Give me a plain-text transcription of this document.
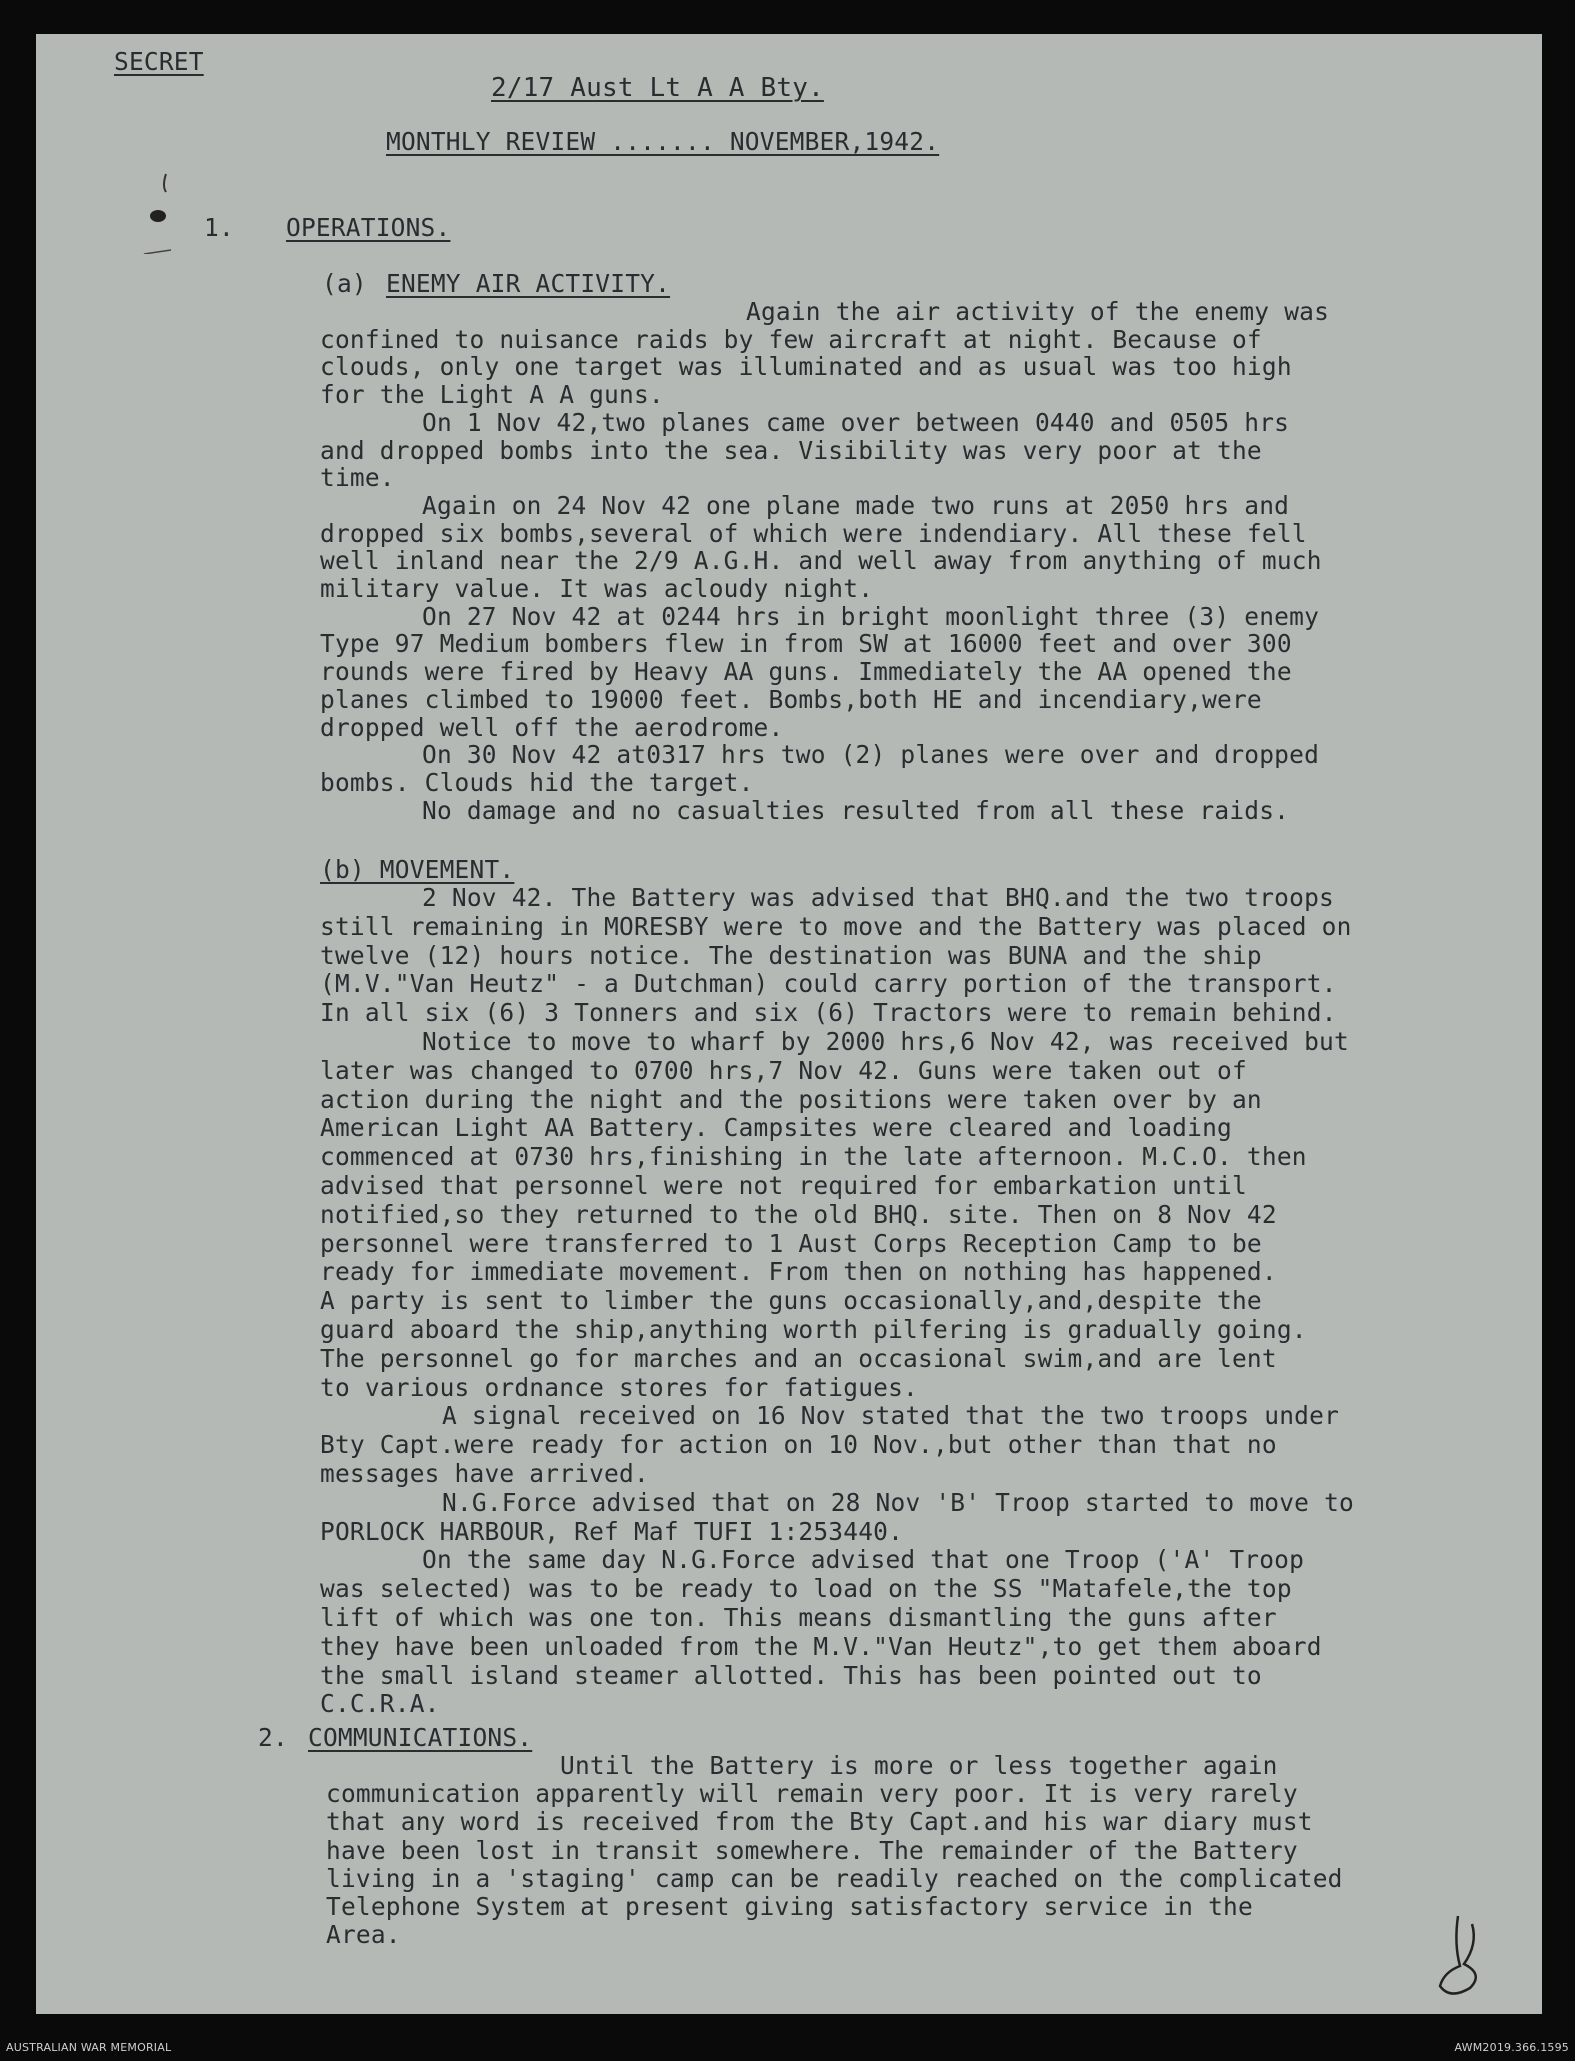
SECRET
2/17 Aust Lt A A Bty.
MONTHLY REVIEW ....... NOVEMBER,1942.
1. OPERATIONS.
(a) ENEMY AIR ACTIVITY.
Again the air activity of the enemy was
confined to nuisance raids by few aircraft at night. Because of
clouds, only one target was illuminated and as usual was too high
for the Light A A guns.
On 1 Nov 42,two planes came over between 0440 and 0505 hrs
and dropped bombs into the sea. Visibility was very poor at the
time.
Again on 24 Nov 42 one plane made two runs at 2050 hrs and
dropped six bombs,several of which were indendiary. All these fell
well inland near the 2/9 A.G.H. and well away from anything of much
military value. It was acloudy night.
On 27 Nov 42 at 0244 hrs in bright moonlight three (3) enemy
Type 97 Medium bombers flew in from SW at 16000 feet and over 300
rounds were fired by Heavy AA guns. Immediately the AA opened the
planes climbed to 19000 feet. Bombs,both HE and incendiary,were
dropped well off the aerodrome.
On 30 Nov 42 at0317 hrs two (2) planes were over and dropped
bombs. Clouds hid the target.
No damage and no casualties resulted from all these raids.
(b) MOVEMENT.
2 Nov 42. The Battery was advised that BHQ.and the two troops
still remaining in MORESBY were to move and the Battery was placed on
twelve (12) hours notice. The destination was BUNA and the ship
(M.V."Van Heutz" - a Dutchman) could carry portion of the transport.
In all six (6) 3 Tonners and six (6) Tractors were to remain behind.
Notice to move to wharf by 2000 hrs,6 Nov 42, was received but
later was changed to 0700 hrs,7 Nov 42. Guns were taken out of
action during the night and the positions were taken over by an
American Light AA Battery. Campsites were cleared and loading
commenced at 0730 hrs,finishing in the late afternoon. M.C.O. then
advised that personnel were not required for embarkation until
notified,so they returned to the old BHQ. site. Then on 8 Nov 42
personnel were transferred to 1 Aust Corps Reception Camp to be
ready for immediate movement. From then on nothing has happened.
A party is sent to limber the guns occasionally,and,despite the
guard aboard the ship,anything worth pilfering is gradually going.
The personnel go for marches and an occasional swim,and are lent
to various ordnance stores for fatigues.
A signal received on 16 Nov stated that the two troops under
Bty Capt.were ready for action on 10 Nov.,but other than that no
messages have arrived.
N.G.Force advised that on 28 Nov 'B' Troop started to move to
PORLOCK HARBOUR, Ref Maf TUFI 1:253440.
On the same day N.G.Force advised that one Troop ('A' Troop
was selected) was to be ready to load on the SS "Matafele,the top
lift of which was one ton. This means dismantling the guns after
they have been unloaded from the M.V."Van Heutz",to get them aboard
the small island steamer allotted. This has been pointed out to
C.C.R.A.
2. COMMUNICATIONS.
Until the Battery is more or less together again
communication apparently will remain very poor. It is very rarely
that any word is received from the Bty Capt.and his war diary must
have been lost in transit somewhere. The remainder of the Battery
living in a 'staging' camp can be readily reached on the complicated
Telephone System at present giving satisfactory service in the
Area.
AUSTRALIAN WAR MEMORIAL	AWM2019.366.1595
